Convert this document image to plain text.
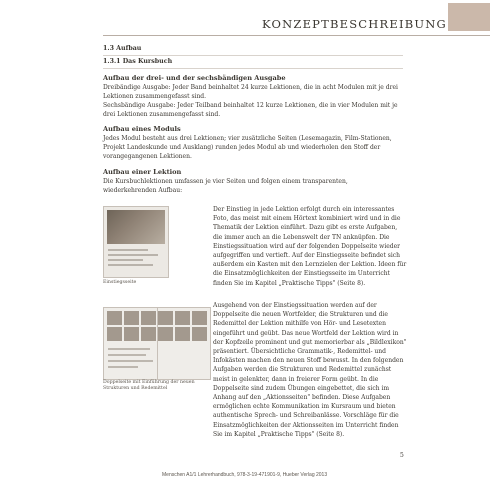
KONZEPTBESCHREIBUNG
1.3 Aufbau
1.3.1 Das Kursbuch
Aufbau der drei- und der sechsbändigen Ausgabe

Dreibändige Ausgabe: Jeder Band beinhaltet 24 kurze Lektionen, die in acht Modulen mit je drei Lektionen zusammengefasst sind.

Sechsbändige Ausgabe: Jeder Teilband beinhaltet 12 kurze Lektionen, die in vier Modulen mit je drei Lektionen zusammengefasst sind.

Aufbau eines Moduls

Jedes Modul besteht aus drei Lektionen; vier zusätzliche Seiten (Lesemagazin, Film-Stationen, Projekt Landeskunde und Ausklang) runden jedes Modul ab und wiederholen den Stoff der vorangegangenen Lektionen.

Aufbau einer Lektion

Die Kursbuchlektionen umfassen je vier Seiten und folgen einem transparenten, wiederkehrenden Aufbau:

Einstiegsseite

Der Einstieg in jede Lektion erfolgt durch ein interessantes Foto, das meist mit einem Hörtext kombiniert wird und in die Thematik der Lektion einführt. Dazu gibt es erste Aufgaben, die immer auch an die Lebenswelt der TN anknüpfen. Die Einstiegssituation wird auf der folgenden Doppelseite wieder aufgegriffen und vertieft. Auf der Einstiegsseite befindet sich außerdem ein Kasten mit den Lernzielen der Lektion. Ideen für die Einsatzmöglichkeiten der Einstiegsseite im Unterricht finden Sie im Kapitel „Praktische Tipps" (Seite 8).

Doppelseite mit Einführung der neuen Strukturen und Redemittel

Ausgehend von der Einstiegssituation werden auf der Doppelseite die neuen Wortfelder, die Strukturen und die Redemittel der Lektion mithilfe von Hör- und Lesetexten eingeführt und geübt. Das neue Wortfeld der Lektion wird in der Kopfzeile prominent und gut memorierbar als „Bildlexikon" präsentiert. Übersichtliche Grammatik-, Redemittel- und Infokästen machen den neuen Stoff bewusst. In den folgenden Aufgaben werden die Strukturen und Redemittel zunächst meist in gelenkter, dann in freierer Form geübt. In die Doppelseite sind zudem Übungen eingebettet, die sich im Anhang auf den „Aktionsseiten" befinden. Diese Aufgaben ermöglichen echte Kommunikation im Kursraum und bieten authentische Sprech- und Schreibanlässe. Vorschläge für die Einsatzmöglichkeiten der Aktionsseiten im Unterricht finden Sie im Kapitel „Praktische Tipps" (Seite 8).

5
Menschen A1/1 Lehrerhandbuch, 978-3-19-471901-9, Hueber Verlag 2013
